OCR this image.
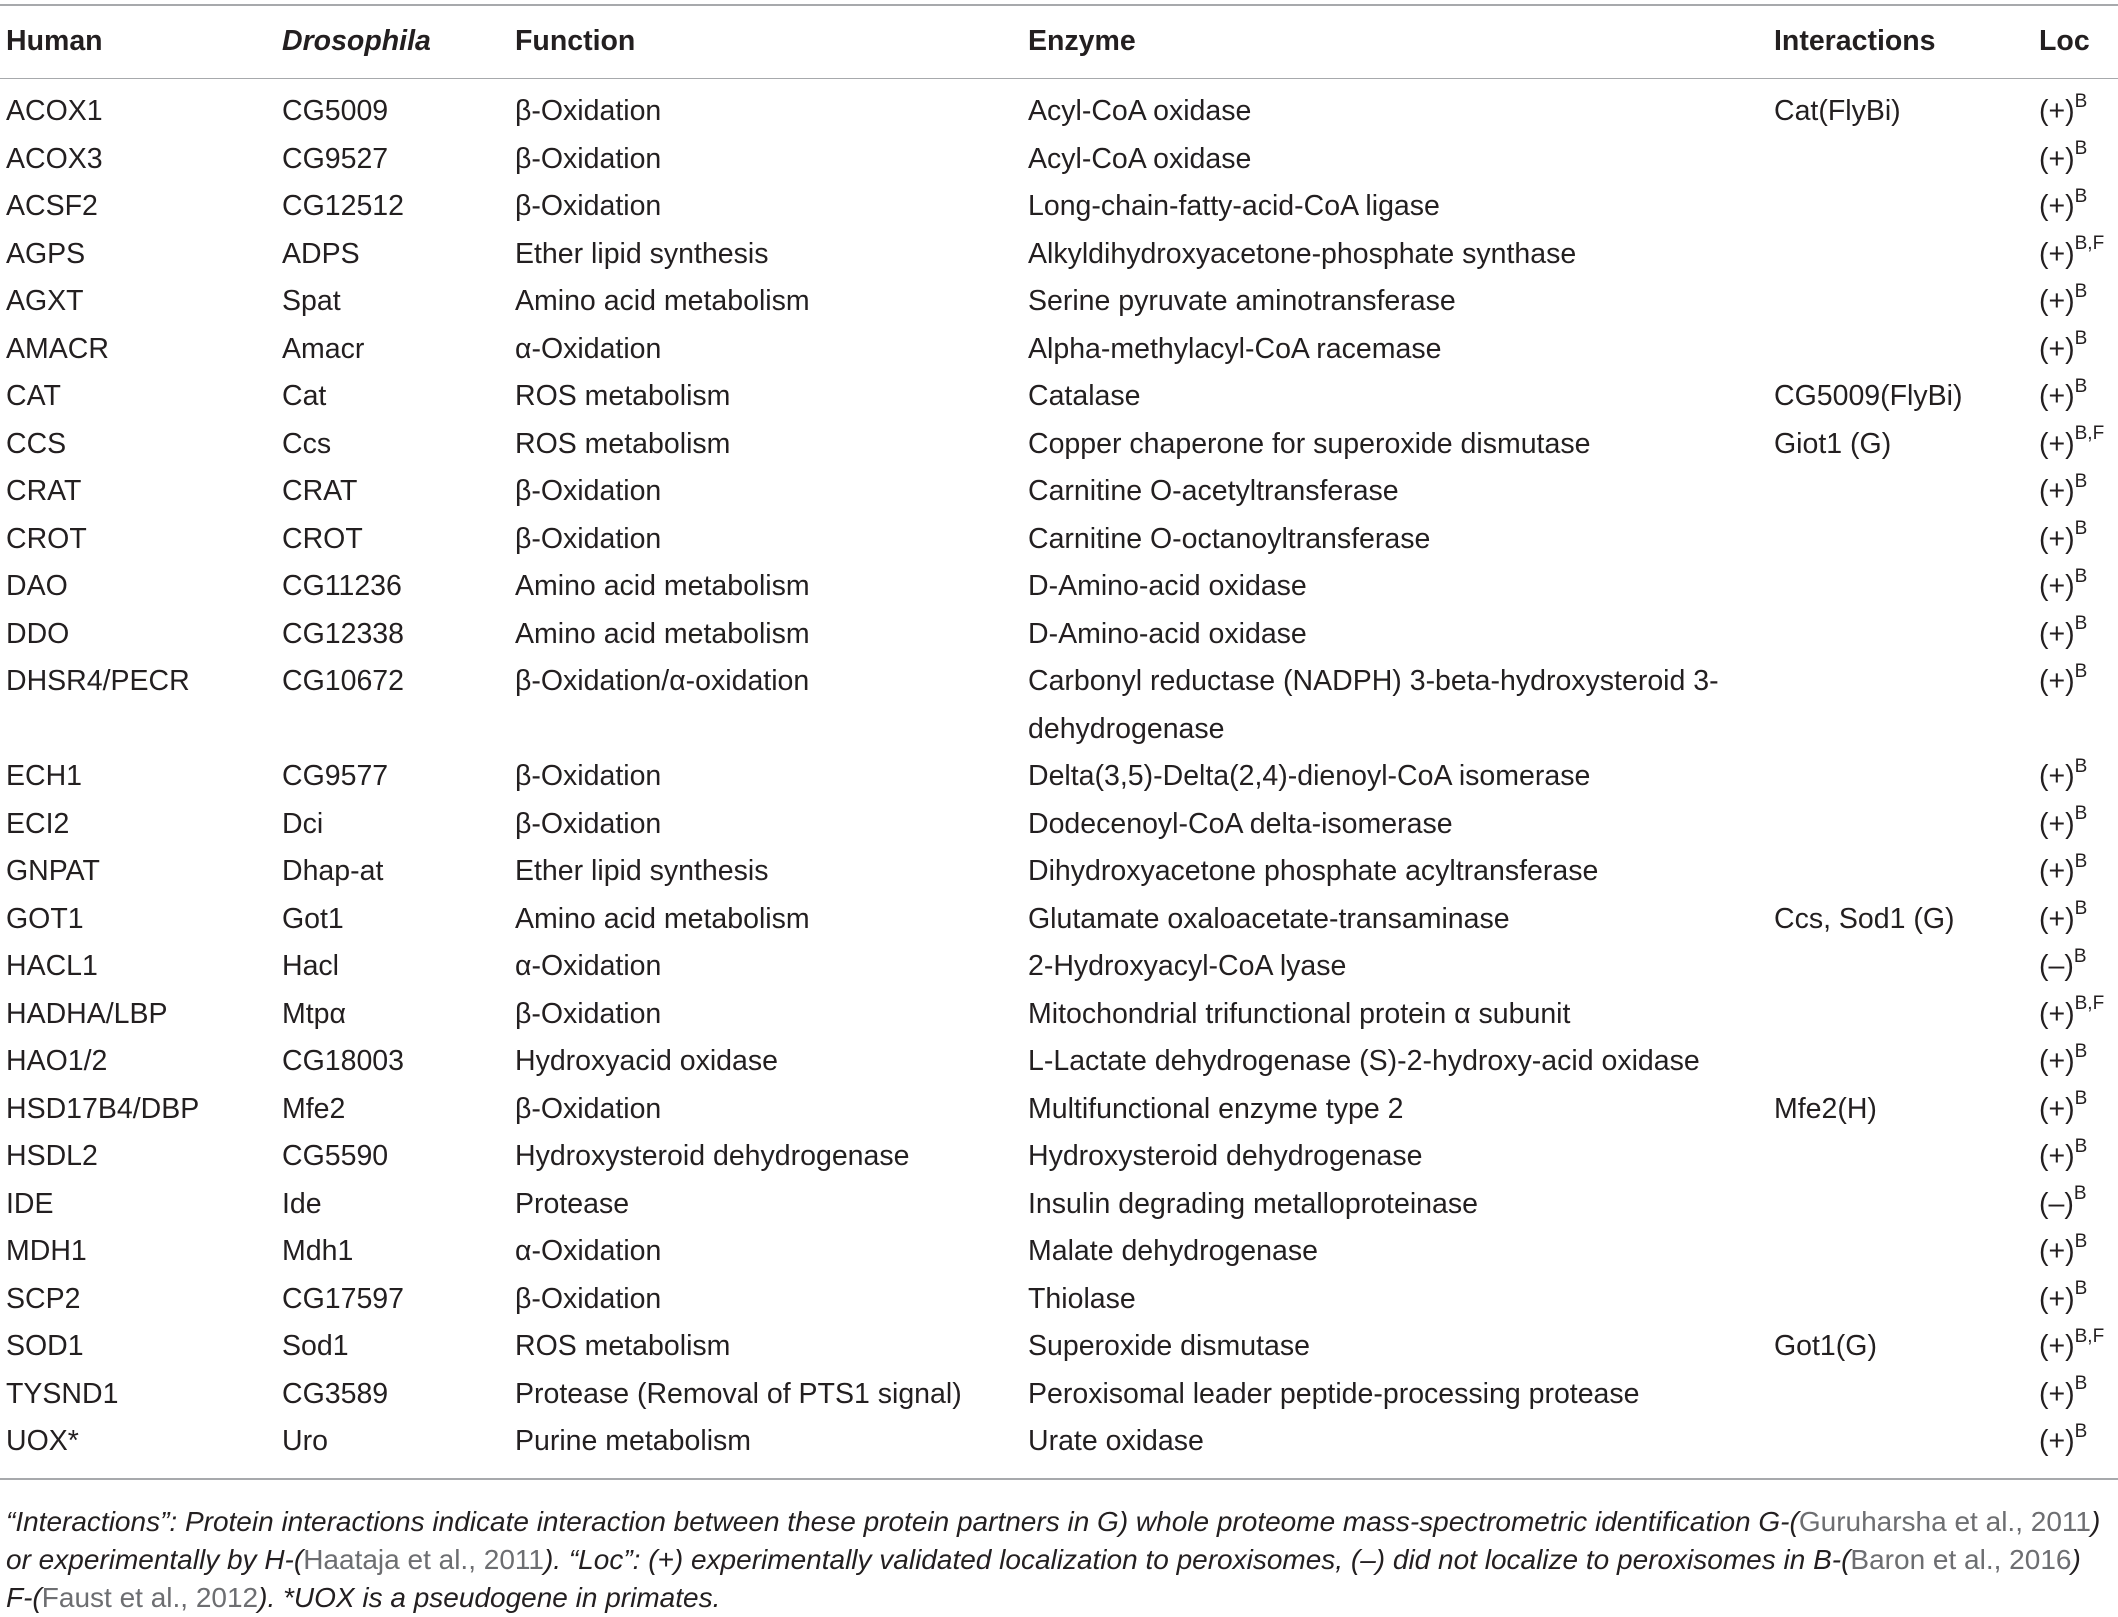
Human	Drosophila	Function	Enzyme	Interactions	Loc
ACOX1	CG5009	β-Oxidation	Acyl-CoA oxidase	Cat(FlyBi)	$(+)^B$
ACOX3	CG9527	β-Oxidation	Acyl-CoA oxidase		$(+)^B$
ACSF2	CG12512	β-Oxidation	Long-chain-fatty-acid-CoA ligase		$(+)^B$
AGPS	ADPS	Ether lipid synthesis	Alkyldihydroxyacetone-phosphate synthase		$(+)^{B,F}$
AGXT	Spat	Amino acid metabolism	Serine pyruvate aminotransferase		$(+)^B$
AMACR	Amacr	α-Oxidation	Alpha-methylacyl-CoA racemase		$(+)^B$
CAT	Cat	ROS metabolism	Catalase	CG5009(FlyBi)	$(+)^B$
CCS	Ccs	ROS metabolism	Copper chaperone for superoxide dismutase	Giot1 (G)	$(+)^{B,F}$
CRAT	CRAT	β-Oxidation	Carnitine O-acetyltransferase		$(+)^B$
CROT	CROT	β-Oxidation	Carnitine O-octanoyltransferase		$(+)^B$
DAO	CG11236	Amino acid metabolism	D-Amino-acid oxidase		$(+)^B$
DDO	CG12338	Amino acid metabolism	D-Amino-acid oxidase		$(+)^B$
DHSR4/PECR	CG10672	β-Oxidation/α-oxidation	Carbonyl reductase (NADPH) 3-beta-hydroxysteroid 3-dehydrogenase		$(+)^B$
ECH1	CG9577	β-Oxidation	Delta(3,5)-Delta(2,4)-dienoyl-CoA isomerase		$(+)^B$
ECI2	Dci	β-Oxidation	Dodecenoyl-CoA delta-isomerase		$(+)^B$
GNPAT	Dhap-at	Ether lipid synthesis	Dihydroxyacetone phosphate acyltransferase		$(+)^B$
GOT1	Got1	Amino acid metabolism	Glutamate oxaloacetate-transaminase	Ccs, Sod1 (G)	$(+)^B$
HACL1	Hacl	α-Oxidation	2-Hydroxyacyl-CoA lyase		$(-)^B$
HADHA/LBP	Mtpα	β-Oxidation	Mitochondrial trifunctional protein α subunit		$(+)^{B,F}$
HAO1/2	CG18003	Hydroxyacid oxidase	L-Lactate dehydrogenase (S)-2-hydroxy-acid oxidase		$(+)^B$
HSD17B4/DBP	Mfe2	β-Oxidation	Multifunctional enzyme type 2	Mfe2(H)	$(+)^B$
HSDL2	CG5590	Hydroxysteroid dehydrogenase	Hydroxysteroid dehydrogenase		$(+)^B$
IDE	Ide	Protease	Insulin degrading metalloproteinase		$(-)^B$
MDH1	Mdh1	α-Oxidation	Malate dehydrogenase		$(+)^B$
SCP2	CG17597	β-Oxidation	Thiolase		$(+)^B$
SOD1	Sod1	ROS metabolism	Superoxide dismutase	Got1(G)	$(+)^{B,F}$
TYSND1	CG3589	Protease (Removal of PTS1 signal)	Peroxisomal leader peptide-processing protease		$(+)^B$
UOX*	Uro	Purine metabolism	Urate oxidase		$(+)^B$
“Interactions”: Protein interactions indicate interaction between these protein partners in G) whole proteome mass-spectrometric identification G-(Guruharsha et al., 2011)
or experimentally by H-(Haataja et al., 2011). “Loc”: (+) experimentally validated localization to peroxisomes, (–) did not localize to peroxisomes in B-(Baron et al., 2016)
F-(Faust et al., 2012). *UOX is a pseudogene in primates.
